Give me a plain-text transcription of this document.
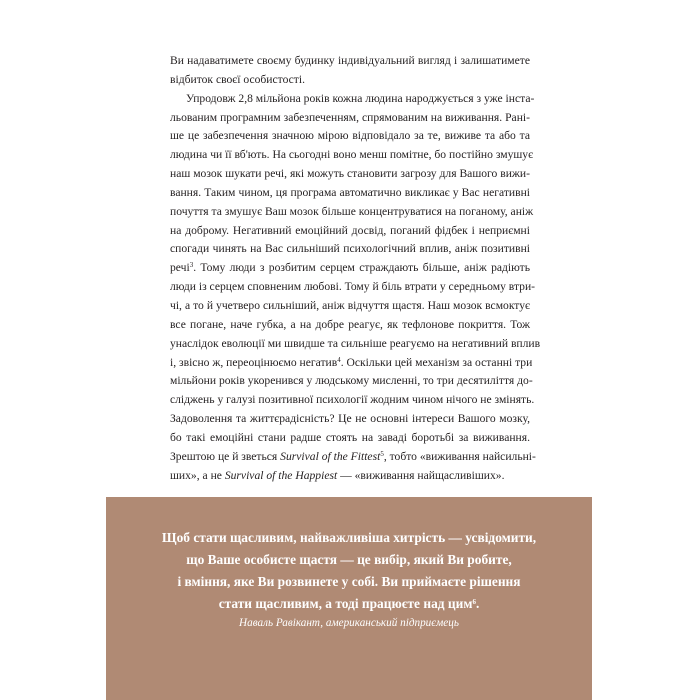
Ви надаватимете своєму будинку індивідуальний вигляд і залишатимете
відбиток своєї особистості.
Упродовж 2,8 мільйона років кожна людина народжується з уже інста-
льованим програмним забезпеченням, спрямованим на виживання. Рані-
ше це забезпечення значною мірою відповідало за те, виживе та або та
людина чи її вб'ють. На сьогодні воно менш помітне, бо постійно змушує
наш мозок шукати речі, які можуть становити загрозу для Вашого вижи-
вання. Таким чином, ця програма автоматично викликає у Вас негативні
почуття та змушує Ваш мозок більше концентруватися на поганому, аніж
на доброму. Негативний емоційний досвід, поганий фідбек і неприємні
спогади чинять на Вас сильніший психологічний вплив, аніж позитивні
речі$^3$. Тому люди з розбитим серцем страждають більше, аніж радіють
люди із серцем сповненим любові. Тому й біль втрати у середньому втри-
чі, а то й учетверо сильніший, аніж відчуття щастя. Наш мозок всмоктує
все погане, наче губка, а на добре реагує, як тефлонове покриття. Тож
унаслідок еволюції ми швидше та сильніше реагуємо на негативний вплив
і, звісно ж, переоцінюємо негатив$^4$. Оскільки цей механізм за останні три
мільйони років укоренився у людському мисленні, то три десятиліття до-
сліджень у галузі позитивної психології жодним чином нічого не змінять.
Задоволення та життєрадісність? Це не основні інтереси Вашого мозку,
бо такі емоційні стани радше стоять на заваді боротьбі за виживання.
Зрештою це й зветься Survival of the Fittest$^5$, тобто «виживання найсильні-
ших», а не Survival of the Happiest — «виживання найщасливіших».
Щоб стати щасливим, найважливіша хитрість — усвідомити,
що Ваше особисте щастя — це вибір, який Ви робите,
і вміння, яке Ви розвинете у собі. Ви приймаєте рішення
стати щасливим, а тоді працюєте над цим$^6$.
Наваль Равікант, американський підприємець
